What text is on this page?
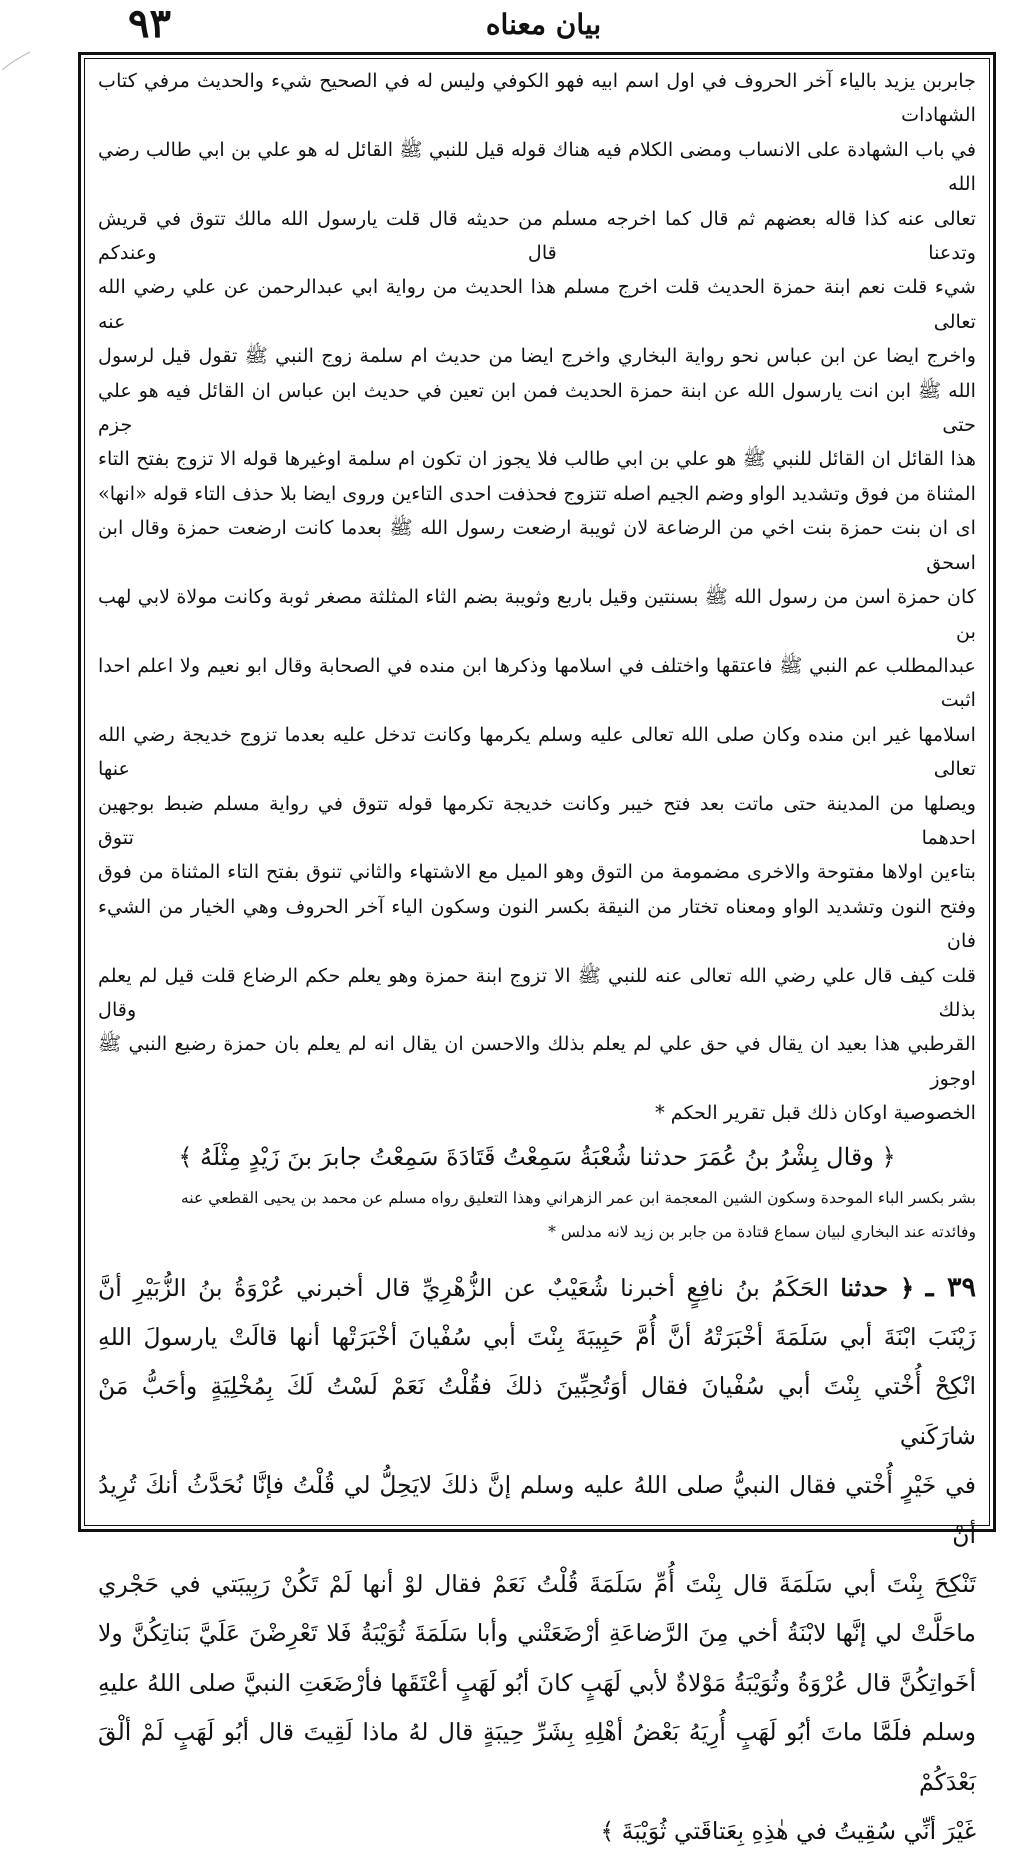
٩٣	بيان معناه

جابربن يزيد بالياء آخر الحروف في اول اسم ابيه فهو الكوفي وليس له في الصحيح شيء والحديث مرفي كتاب الشهادات

في باب الشهادة على الانساب ومضى الكلام فيه هناك قوله قيل للنبي ﷺ القائل له هو علي بن ابي طالب رضي الله

تعالى عنه كذا قاله بعضهم ثم قال كما اخرجه مسلم من حديثه قال قلت يارسول الله مالك تتوق في قريش وتدعنا قال وعندكم

شيء قلت نعم ابنة حمزة الحديث قلت اخرج مسلم هذا الحديث من رواية ابي عبدالرحمن عن علي رضي الله تعالى عنه

واخرج ايضا عن ابن عباس نحو رواية البخاري واخرج ايضا من حديث ام سلمة زوج النبي ﷺ تقول قيل لرسول

الله ﷺ ابن انت يارسول الله عن ابنة حمزة الحديث فمن ابن تعين في حديث ابن عباس ان القائل فيه هو علي حتى جزم

هذا القائل ان القائل للنبي ﷺ هو علي بن ابي طالب فلا يجوز ان تكون ام سلمة اوغيرها قوله الا تزوج بفتح التاء

المثناة من فوق وتشديد الواو وضم الجيم اصله تتزوج فحذفت احدى التاءين وروى ايضا بلا حذف التاء قوله «انها»

اى ان بنت حمزة بنت اخي من الرضاعة لان ثويبة ارضعت رسول الله ﷺ بعدما كانت ارضعت حمزة وقال ابن اسحق

كان حمزة اسن من رسول الله ﷺ بسنتين وقيل باربع وثويبة بضم الثاء المثلثة مصغر ثوبة وكانت مولاة لابي لهب بن

عبدالمطلب عم النبي ﷺ فاعتقها واختلف في اسلامها وذكرها ابن منده في الصحابة وقال ابو نعيم ولا اعلم احدا اثبت

اسلامها غير ابن منده وكان صلى الله تعالى عليه وسلم يكرمها وكانت تدخل عليه بعدما تزوج خديجة رضي الله تعالى عنها

ويصلها من المدينة حتى ماتت بعد فتح خيبر وكانت خديجة تكرمها قوله تتوق في رواية مسلم ضبط بوجهين احدهما تتوق

بتاءين اولاها مفتوحة والاخرى مضمومة من التوق وهو الميل مع الاشتهاء والثاني تنوق بفتح التاء المثناة من فوق

وفتح النون وتشديد الواو ومعناه تختار من النيقة بكسر النون وسكون الياء آخر الحروف وهي الخيار من الشيء فان

قلت كيف قال علي رضي الله تعالى عنه للنبي ﷺ الا تزوج ابنة حمزة وهو يعلم حكم الرضاع قلت قيل لم يعلم بذلك وقال

القرطبي هذا بعيد ان يقال في حق علي لم يعلم بذلك والاحسن ان يقال انه لم يعلم بان حمزة رضيع النبي ﷺ اوجوز

الخصوصية اوكان ذلك قبل تقرير الحكم *

﴿ وقال بِشْرُ بنُ عُمَرَ حدثنا شُعْبَةُ سَمِعْتُ قَتَادَةَ سَمِعْتُ جابرَ بنَ زَيْدٍ مِثْلَهُ ﴾

بشر بكسر الباء الموحدة وسكون الشين المعجمة ابن عمر الزهراني وهذا التعليق رواه مسلم عن محمد بن يحيى القطعي عنه

وفائدته عند البخاري لبيان سماع قتادة من جابر بن زيد لانه مدلس *

٣٩ ـ ﴿ حدثنا الحَكَمُ بنُ نافِعٍ أخبرنا شُعَيْبٌ عن الزُّهْرِيِّ قال أخبرني عُرْوَةُ بنُ الزُّبَيْرِ أنَّ

زَيْنَبَ ابْنَةَ أبي سَلَمَةَ أخْبَرَتْهُ أنَّ أُمَّ حَبِيبَةَ بِنْتَ أبي سُفْيانَ أخْبَرَتْها أنها قالَتْ يارسولَ اللهِ

انْكِحْ أُخْتي بِنْتَ أبي سُفْيانَ فقال أوَتُحِبِّينَ ذلكَ فقُلْتُ نَعَمْ لَسْتُ لَكَ بِمُخْلِيَةٍ وأحَبُّ مَنْ شارَكَني

في خَيْرٍ أُخْتي فقال النبيُّ صلى اللهُ عليه وسلم إنَّ ذلكَ لايَحِلُّ لي قُلْتُ فإنَّا نُحَدَّثُ أنكَ تُرِيدُ أنْ

تَنْكِحَ بِنْتَ أبي سَلَمَةَ قال بِنْتَ أُمِّ سَلَمَةَ قُلْتُ نَعَمْ فقال لوْ أنها لَمْ تَكُنْ رَبِيبَتي في حَجْري

ماحَلَّتْ لي إنَّها لابْنَةُ أخي مِنَ الرَّضاعَةِ أرْضَعَتْني وأبا سَلَمَةَ ثُوَيْبَةُ فَلا تَعْرِضْنَ عَلَيَّ بَناتِكُنَّ ولا

أخَواتِكُنَّ قال عُرْوَةُ وثُوَيْبَةُ مَوْلاةٌ لأبي لَهَبٍ كانَ أبُو لَهَبٍ أعْتَقَها فأرْضَعَتِ النبيَّ صلى اللهُ عليهِ

وسلم فلَمَّا ماتَ أبُو لَهَبٍ أُرِيَهُ بَعْضُ أهْلِهِ بِشَرِّ حِيبَةٍ قال لهُ ماذا لَقِيتَ قال أبُو لَهَبٍ لَمْ ألْقَ بَعْدَكُمْ

غَيْرَ أنِّي سُقِيتُ في هٰذِهِ بِعَتاقَتي ثُوَيْبَةَ ﴾
